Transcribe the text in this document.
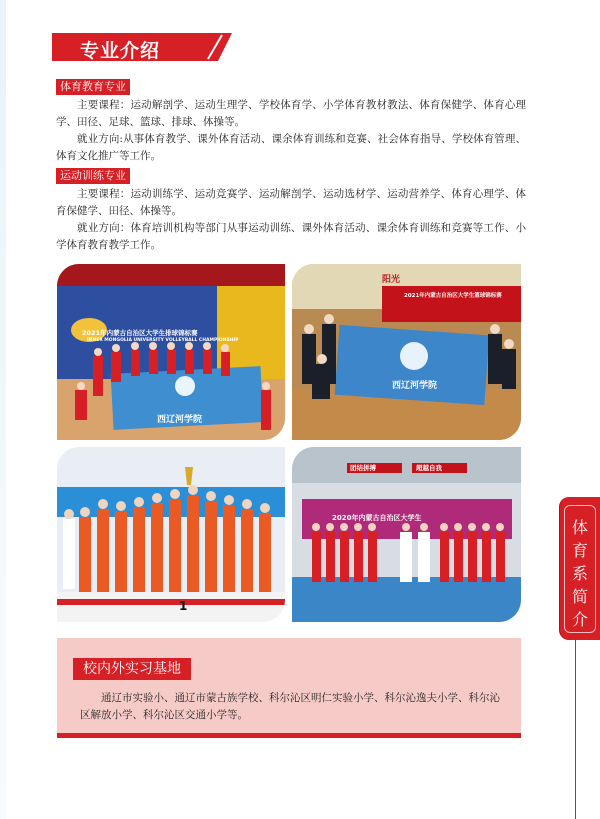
专业介绍
体育教育专业

主要课程：运动解剖学、运动生理学、学校体育学、小学体育教材教法、体育保健学、体育心理学、田径、足球、篮球、排球、体操等。

就业方向:从事体育教学、课外体育活动、课余体育训练和竞赛、社会体育指导、学校体育管理、体育文化推广等工作。

运动训练专业

主要课程：运动训练学、运动竞赛学、运动解剖学、运动选材学、运动营养学、体育心理学、体育保健学、田径、体操等。

就业方向：体育培训机构等部门从事运动训练、课外体育活动、课余体育训练和竞赛等工作、小学体育教育教学工作。

2021年内蒙古自治区大学生排球锦标赛
INNER MONGOLIA UNIVERSITY VOLLEYBALL CHAMPIONSHIP
西辽河学院
2021年内蒙古自治区大学生篮球锦标赛
阳光
西辽河学院
1
团结拼搏	超越自我
2020年内蒙古自治区大学生	体
育
系
简
介
校内外实习基地

通辽市实验小、通辽市蒙古族学校、科尔沁区明仁实验小学、科尔沁逸夫小学、科尔沁区解放小学、科尔沁区交通小学等。
